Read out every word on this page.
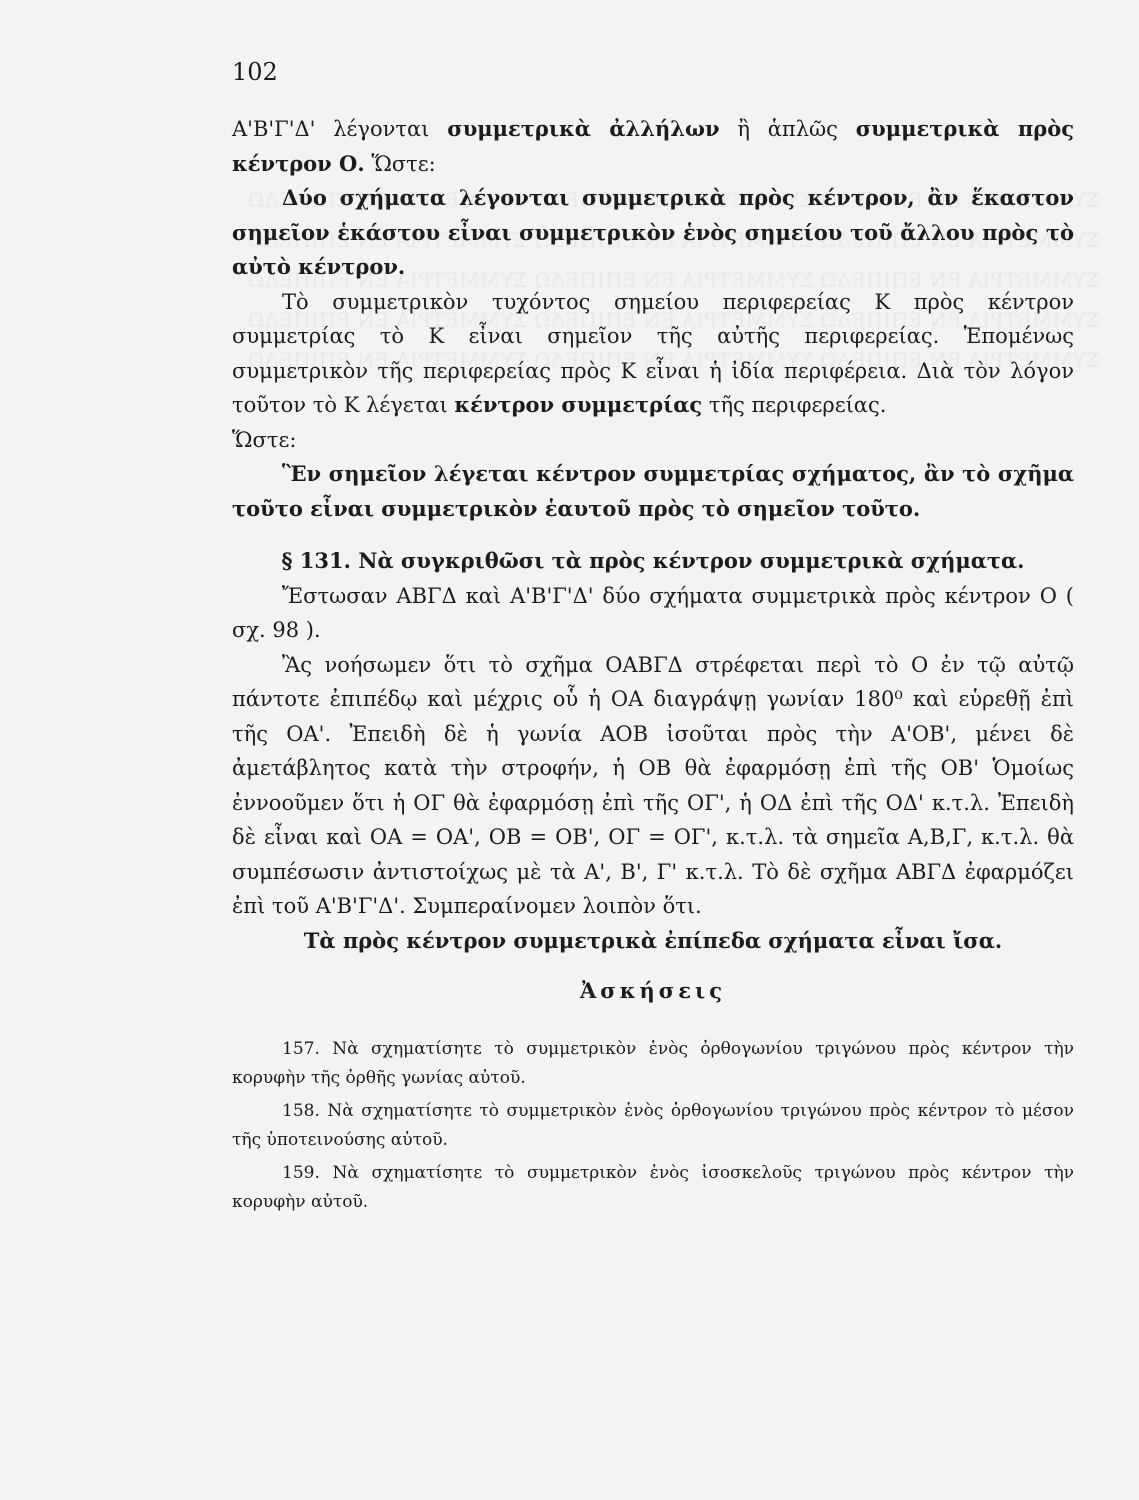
102

Α'Β'Γ'Δ' λέγονται συμμετρικὰ ἀλλήλων ἢ ἁπλῶς συμμετρικὰ πρὸς κέντρον Ο. Ὥστε:

Δύο σχήματα λέγονται συμμετρικὰ πρὸς κέντρον, ἂν ἕκαστον σημεῖον ἑκάστου εἶναι συμμετρικὸν ἑνὸς σημείου τοῦ ἄλλου πρὸς τὸ αὐτὸ κέντρον.

Τὸ συμμετρικὸν τυχόντος σημείου περιφερείας Κ πρὸς κέντρον συμμετρίας τὸ Κ εἶναι σημεῖον τῆς αὐτῆς περιφερείας. Ἑπομένως συμμετρικὸν τῆς περιφερείας πρὸς Κ εἶναι ἡ ἰδία περιφέρεια. Διὰ τὸν λόγον τοῦτον τὸ Κ λέγεται κέντρον συμμετρίας τῆς περιφερείας.

Ὥστε:

Ἓν σημεῖον λέγεται κέντρον συμμετρίας σχήματος, ἂν τὸ σχῆμα τοῦτο εἶναι συμμετρικὸν ἑαυτοῦ πρὸς τὸ σημεῖον τοῦτο.

§ 131. Νὰ συγκριθῶσι τὰ πρὸς κέντρον συμμετρικὰ σχήματα.

Ἔστωσαν ΑΒΓΔ καὶ Α'Β'Γ'Δ' δύο σχήματα συμμετρικὰ πρὸς κέντρον Ο ( σχ. 98 ).

Ἂς νοήσωμεν ὅτι τὸ σχῆμα ΟΑΒΓΔ στρέφεται περὶ τὸ Ο ἐν τῷ αὐτῷ πάντοτε ἐπιπέδῳ καὶ μέχρις οὗ ἡ ΟΑ διαγράψῃ γωνίαν 180⁰ καὶ εὑρεθῇ ἐπὶ τῆς ΟΑ'. Ἐπειδὴ δὲ ἡ γωνία ΑΟΒ ἰσοῦται πρὸς τὴν Α'ΟΒ', μένει δὲ ἀμετάβλητος κατὰ τὴν στροφήν, ἡ ΟΒ θὰ ἐφαρμόσῃ ἐπὶ τῆς ΟΒ' Ὁμοίως ἐννοοῦμεν ὅτι ἡ ΟΓ θὰ ἐφαρμόσῃ ἐπὶ τῆς ΟΓ', ἡ ΟΔ ἐπὶ τῆς ΟΔ' κ.τ.λ. Ἐπειδὴ δὲ εἶναι καὶ ΟΑ = ΟΑ', ΟΒ = ΟΒ', ΟΓ = ΟΓ', κ.τ.λ. τὰ σημεῖα Α,Β,Γ, κ.τ.λ. θὰ συμπέσωσιν ἀντιστοίχως μὲ τὰ Α', Β', Γ' κ.τ.λ. Τὸ δὲ σχῆμα ΑΒΓΔ ἐφαρμόζει ἐπὶ τοῦ Α'Β'Γ'Δ'. Συμπεραίνομεν λοιπὸν ὅτι.

Τὰ πρὸς κέντρον συμμετρικὰ ἐπίπεδα σχήματα εἶναι ἴσα.

Ἀσκήσεις

157. Νὰ σχηματίσητε τὸ συμμετρικὸν ἑνὸς ὀρθογωνίου τριγώνου πρὸς κέντρον τὴν κορυφὴν τῆς ὀρθῆς γωνίας αὐτοῦ.

158. Νὰ σχηματίσητε τὸ συμμετρικὸν ἑνὸς ὀρθογωνίου τριγώνου πρὸς κέντρον τὸ μέσον τῆς ὑποτεινούσης αὐτοῦ.

159. Νὰ σχηματίσητε τὸ συμμετρικὸν ἑνὸς ἰσοσκελοῦς τριγώνου πρὸς κέντρον τὴν κορυφὴν αὐτοῦ.
